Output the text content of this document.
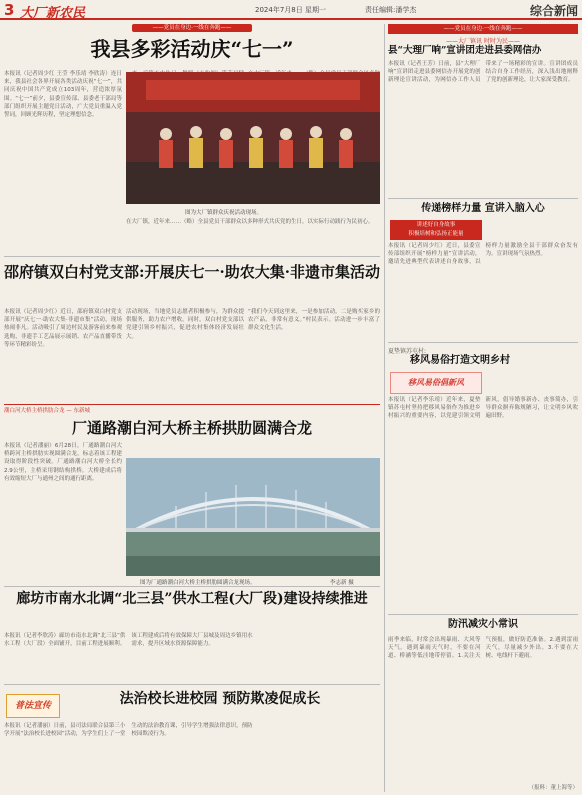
3 大厂新农民	2024年7月8日 星期一	责任编辑:潘学杰	综合新闻
——党员在身边·一线在奔跑——
我县多彩活动庆“七一”
本报讯（记者周少红 王莹 李乐靖 李欣涛）连日来，我县社会各界开展各类活动庆祝“七一”，共同庆祝中国共产党成立103周年，营造浓厚氛围。“七一”前夕，县委宣传部、县委老干部局等部门组织开展主题党日活动，广大党员重温入党誓词，回顾光辉历程，坚定理想信念。
图为大厂镇群众庆祝活动现场。
在大厂镇，近年来……（略）全县党员干部群众以多种形式共庆党的生日，以实际行动践行为民初心。
邵府镇双白村党支部:开展庆七一·助农大集·非遗市集活动
本报讯（记者周少红）近日，邵府镇双白村党支部开展“庆七一·助农大集·非遗市集”活动，现场热闹非凡。活动吸引了周边村民及游客前来参观选购，非遗手工艺品展示展销、农产品直播带货等环节精彩纷呈。
活动现场，当地党员志愿者积极参与，为群众提供服务，助力农户增收。同时，双白村党支部以党建引领乡村振兴，促进农村集体经济发展壮大。
“我们今天到这里来，一是参加活动，二是购买家乡的农产品，非常有意义。”村民表示。活动进一步丰富了群众文化生活。
潮白河大桥主桥拱肋合龙 — 东新城
厂通路潮白河大桥主桥拱肋圆满合龙
本报讯（记者潘丽）6月28日，厂通路潮白河大桥跨河主桥拱肋实现圆满合龙，标志着该工程建设取得阶段性突破。厂通路潮白河大桥全长约2.9公里，主桥采用钢结构拱桥，大桥建成后将有效缩短大厂与通州之间的通行距离。
图为厂通路潮白河大桥主桥拱肋圆满合龙现场。	李志新 摄
廊坊市南水北调“北三县”供水工程(大厂段)建设持续推进
本报讯（记者李欣涛）廊坊市南水北调“北三县”供水工程（大厂段）全面铺开，目前工程进展顺利。该工程建成后将有效保障大厂县城及周边乡镇用水需求，提升区域水资源保障能力。
法治校长进校园 预防欺凌促成长
普法宣传
本报讯（记者潘丽）日前，县司法局联合县第三小学开展“法治校长进校园”活动，为学生们上了一堂生动的法治教育课，引导学生增强法律意识，预防校园欺凌行为。
——党员在身边·一线在奔跑——
——大厂镇讯 时时为民——
县“大理厂响”宣讲团走进县委网信办
本报讯（记者王芳）日前，县“大理厂响”宣讲团走进县委网信办开展党的创新理论宣讲活动，为网信办工作人员带来了一场精彩的宣讲。宣讲团成员结合自身工作经历，深入浅出地阐释了党的创新理论，让大家深受教育。
传递榜样力量 宣讲入脑入心
讲述好自身故事
积极培树和弘扬正能量
本报讯（记者周少红）近日，县委宣传部组织开展“榜样力量”宣讲活动，邀请先进典型代表讲述自身故事，以榜样力量激励全县干部群众奋发有为。宣讲现场气氛热烈。
夏垫镇苏屯村:
移风易俗打造文明乡村
移风易俗倡新风
本报讯（记者李乐靖）近年来，夏垫镇苏屯村坚持把移风易俗作为推进乡村振兴的重要内容，以党建引领文明新风，倡导婚事新办、丧事简办，引导群众摒弃陈规陋习，让文明乡风吹遍田野。
防汛减灾小常识
雨季来临，时常会出现暴雨、大风等天气。遇到暴雨天气时，不要在河道、桥涵等低洼地带停留。1.关注天气预报，做好防范准备。2.遇到雷雨天气，尽量减少外出。3.不要在大树、电线杆下避雨。
（报料：董上海等）
